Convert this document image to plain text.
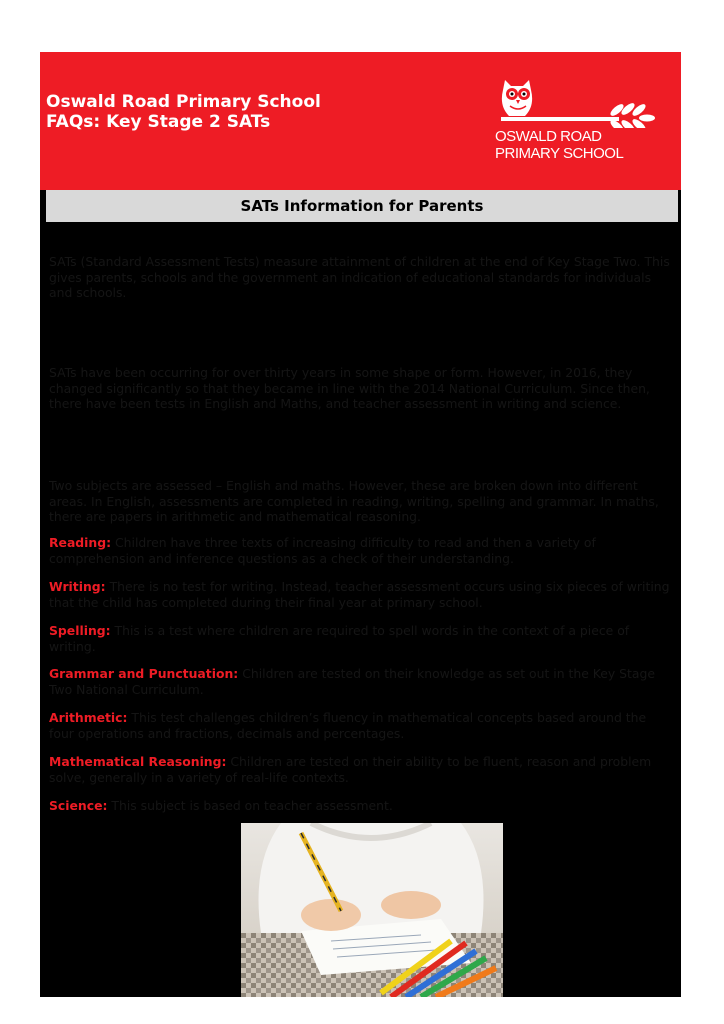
Oswald Road Primary School
FAQs: Key Stage 2 SATs
OSWALD ROAD
PRIMARY SCHOOL
SATs Information for Parents
SATs (Standard Assessment Tests) measure attainment of children at the end of Key Stage Two. This gives parents, schools and the government an indication of educational standards for individuals and schools.
SATs have been occurring for over thirty years in some shape or form. However, in 2016, they changed significantly so that they became in line with the 2014 National Curriculum. Since then, there have been tests in English and Maths, and teacher assessment in writing and science.
Two subjects are assessed – English and maths. However, these are broken down into different areas. In English, assessments are completed in reading, writing, spelling and grammar. In maths, there are papers in arithmetic and mathematical reasoning.
Reading: Children have three texts of increasing difficulty to read and then a variety of comprehension and inference questions as a check of their understanding.
Writing: There is no test for writing. Instead, teacher assessment occurs using six pieces of writing that the child has completed during their final year at primary school.
Spelling: This is a test where children are required to spell words in the context of a piece of writing.
Grammar and Punctuation: Children are tested on their knowledge as set out in the Key Stage Two National Curriculum.
Arithmetic: This test challenges children’s fluency in mathematical concepts based around the four operations and fractions, decimals and percentages.
Mathematical Reasoning: Children are tested on their ability to be fluent, reason and problem solve, generally in a variety of real-life contexts.
Science: This subject is based on teacher assessment.
